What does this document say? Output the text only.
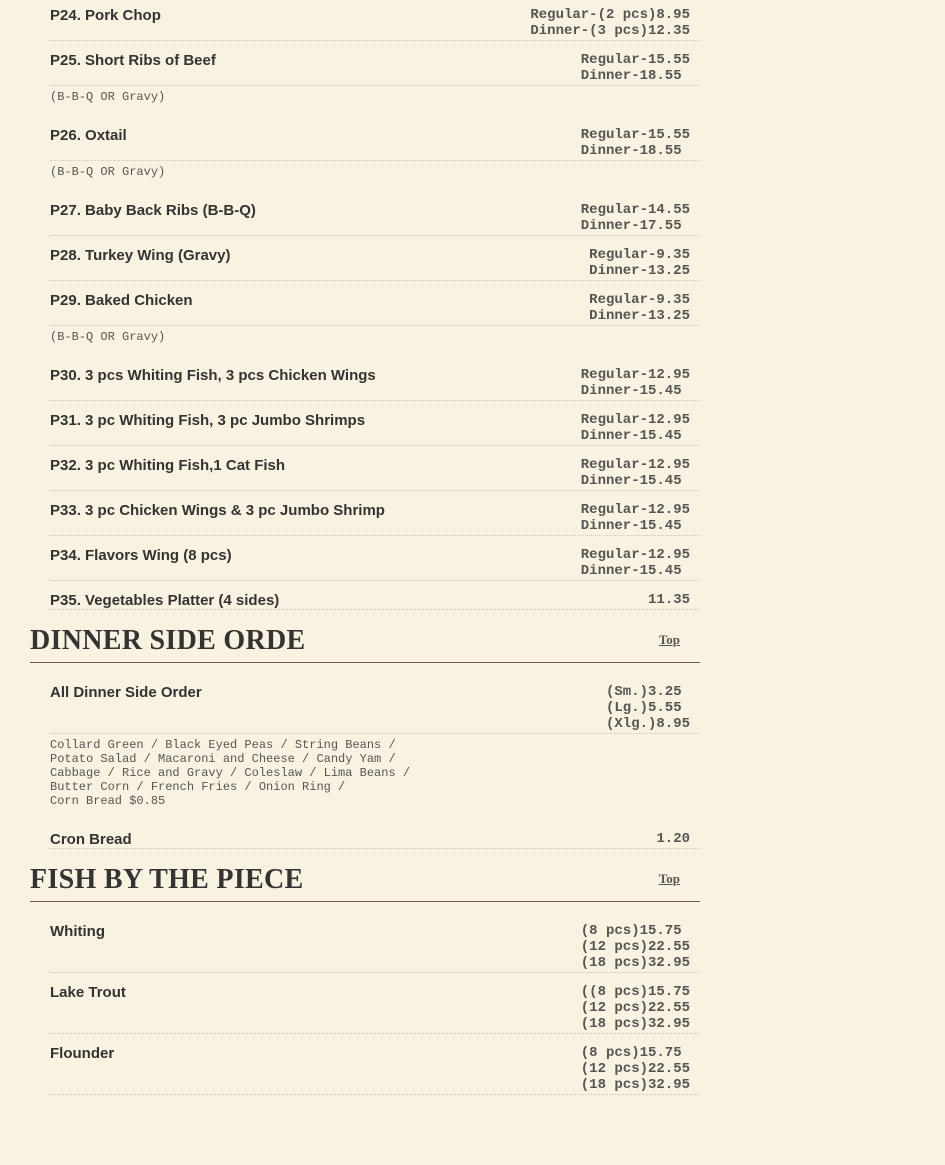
P24. Pork Chop	Regular-(2 pcs)8.95
Dinner-(3 pcs)12.35
P25. Short Ribs of Beef	Regular-15.55
Dinner-18.55
(B-B-Q OR Gravy)
P26. Oxtail	Regular-15.55
Dinner-18.55
(B-B-Q OR Gravy)
P27. Baby Back Ribs (B-B-Q)	Regular-14.55
Dinner-17.55
P28. Turkey Wing (Gravy)	Regular-9.35
Dinner-13.25
P29. Baked Chicken	Regular-9.35
Dinner-13.25
(B-B-Q OR Gravy)
P30. 3 pcs Whiting Fish, 3 pcs Chicken Wings	Regular-12.95
Dinner-15.45
P31. 3 pc Whiting Fish, 3 pc Jumbo Shrimps	Regular-12.95
Dinner-15.45
P32. 3 pc Whiting Fish,1 Cat Fish	Regular-12.95
Dinner-15.45
P33. 3 pc Chicken Wings & 3 pc Jumbo Shrimp	Regular-12.95
Dinner-15.45
P34. Flavors Wing (8 pcs)	Regular-12.95
Dinner-15.45
P35. Vegetables Platter (4 sides)	11.35
DINNER SIDE ORDE	Top
All Dinner Side Order	(Sm.)3.25
(Lg.)5.55
(Xlg.)8.95
Collard Green / Black Eyed Peas / String Beans /
Potato Salad / Macaroni and Cheese / Candy Yam /
Cabbage / Rice and Gravy / Coleslaw / Lima Beans /
Butter Corn / French Fries / Onion Ring /
Corn Bread $0.85
Cron Bread	1.20
FISH BY THE PIECE	Top
Whiting	(8 pcs)15.75
(12 pcs)22.55
(18 pcs)32.95
Lake Trout	((8 pcs)15.75
(12 pcs)22.55
(18 pcs)32.95
Flounder	(8 pcs)15.75
(12 pcs)22.55
(18 pcs)32.95
